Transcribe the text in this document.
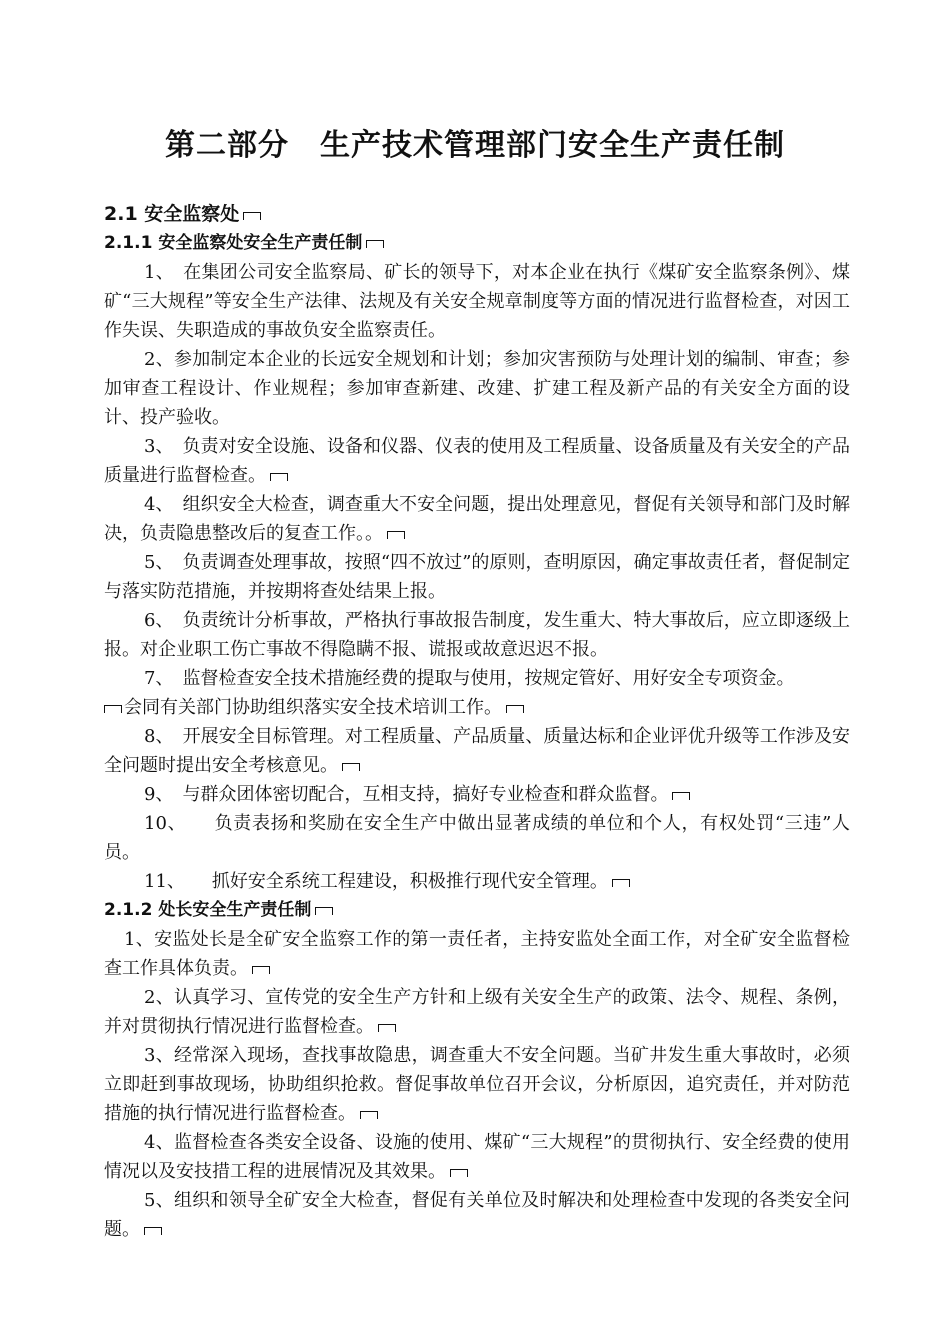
第二部分　生产技术管理部门安全生产责任制

2.1 安全监察处

2.1.1 安全监察处安全生产责任制

1、　在集团公司安全监察局、矿长的领导下，对本企业在执行《煤矿安全监察条例》、煤矿“三大规程”等安全生产法律、法规及有关安全规章制度等方面的情况进行监督检查，对因工作失误、失职造成的事故负安全监察责任。

2、参加制定本企业的长远安全规划和计划；参加灾害预防与处理计划的编制、审查；参加审查工程设计、作业规程；参加审查新建、改建、扩建工程及新产品的有关安全方面的设计、投产验收。

3、　负责对安全设施、设备和仪器、仪表的使用及工程质量、设备质量及有关安全的产品质量进行监督检查。

4、　组织安全大检查，调查重大不安全问题，提出处理意见，督促有关领导和部门及时解决，负责隐患整改后的复查工作。。

5、　负责调查处理事故，按照“四不放过”的原则，查明原因，确定事故责任者，督促制定与落实防范措施，并按期将查处结果上报。

6、　负责统计分析事故，严格执行事故报告制度，发生重大、特大事故后，应立即逐级上报。对企业职工伤亡事故不得隐瞒不报、谎报或故意迟迟不报。

7、　监督检查安全技术措施经费的提取与使用，按规定管好、用好安全专项资金。
会同有关部门协助组织落实安全技术培训工作。

8、　开展安全目标管理。对工程质量、产品质量、质量达标和企业评优升级等工作涉及安全问题时提出安全考核意见。

9、　与群众团体密切配合，互相支持，搞好专业检查和群众监督。

10、　　负责表扬和奖励在安全生产中做出显著成绩的单位和个人，有权处罚“三违”人员。

11、　　抓好安全系统工程建设，积极推行现代安全管理。

2.1.2 处长安全生产责任制

1、安监处长是全矿安全监察工作的第一责任者，主持安监处全面工作，对全矿安全监督检查工作具体负责。

2、认真学习、宣传党的安全生产方针和上级有关安全生产的政策、法令、规程、条例，并对贯彻执行情况进行监督检查。

3、经常深入现场，查找事故隐患，调查重大不安全问题。当矿井发生重大事故时，必须立即赶到事故现场，协助组织抢救。督促事故单位召开会议，分析原因，追究责任，并对防范措施的执行情况进行监督检查。

4、监督检查各类安全设备、设施的使用、煤矿“三大规程”的贯彻执行、安全经费的使用情况以及安技措工程的进展情况及其效果。

5、组织和领导全矿安全大检查，督促有关单位及时解决和处理检查中发现的各类安全问题。
